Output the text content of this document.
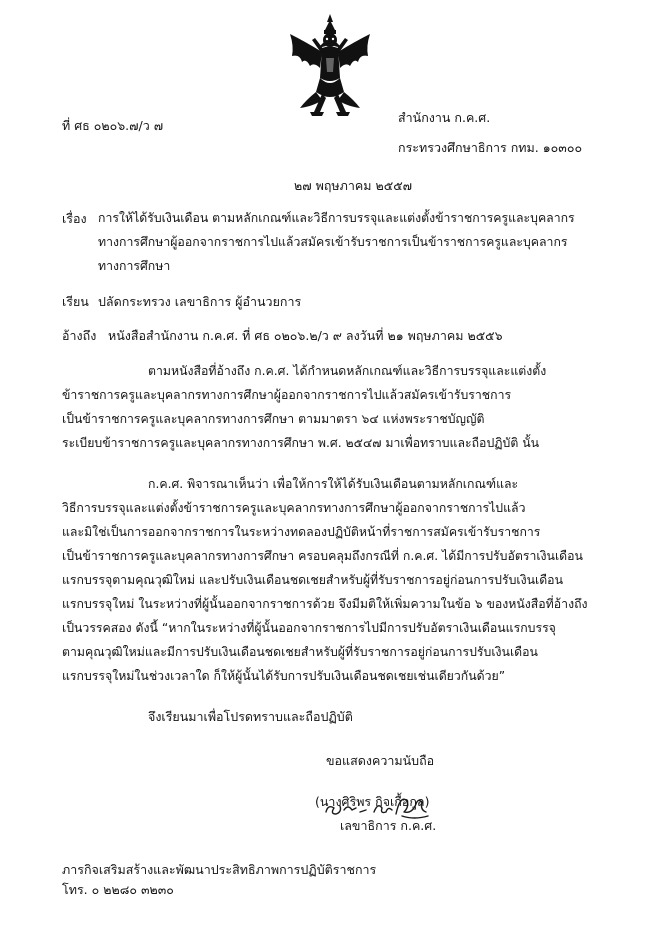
ที่ ศธ ๐๒๐๖.๗/ว ๗
สำนักงาน ก.ค.ศ.
กระทรวงศึกษาธิการ กทม. ๑๐๓๐๐
๒๗ พฤษภาคม ๒๕๕๗
เรื่อง การให้ได้รับเงินเดือน ตามหลักเกณฑ์และวิธีการบรรจุและแต่งตั้งข้าราชการครูและบุคลากร
ทางการศึกษาผู้ออกจากราชการไปแล้วสมัครเข้ารับราชการเป็นข้าราชการครูและบุคลากร
ทางการศึกษา
เรียน ปลัดกระทรวง เลขาธิการ ผู้อำนวยการ
อ้างถึง หนังสือสำนักงาน ก.ค.ศ. ที่ ศธ ๐๒๐๖.๒/ว ๙ ลงวันที่ ๒๑ พฤษภาคม ๒๕๕๖
ตามหนังสือที่อ้างถึง ก.ค.ศ. ได้กำหนดหลักเกณฑ์และวิธีการบรรจุและแต่งตั้ง
ข้าราชการครูและบุคลากรทางการศึกษาผู้ออกจากราชการไปแล้วสมัครเข้ารับราชการ
เป็นข้าราชการครูและบุคลากรทางการศึกษา ตามมาตรา ๖๔ แห่งพระราชบัญญัติ
ระเบียบข้าราชการครูและบุคลากรทางการศึกษา พ.ศ. ๒๕๔๗ มาเพื่อทราบและถือปฏิบัติ นั้น
ก.ค.ศ. พิจารณาเห็นว่า เพื่อให้การให้ได้รับเงินเดือนตามหลักเกณฑ์และ
วิธีการบรรจุและแต่งตั้งข้าราชการครูและบุคลากรทางการศึกษาผู้ออกจากราชการไปแล้ว
และมิใช่เป็นการออกจากราชการในระหว่างทดลองปฏิบัติหน้าที่ราชการสมัครเข้ารับราชการ
เป็นข้าราชการครูและบุคลากรทางการศึกษา ครอบคลุมถึงกรณีที่ ก.ค.ศ. ได้มีการปรับอัตราเงินเดือน
แรกบรรจุตามคุณวุฒิใหม่ และปรับเงินเดือนชดเชยสำหรับผู้ที่รับราชการอยู่ก่อนการปรับเงินเดือน
แรกบรรจุใหม่ ในระหว่างที่ผู้นั้นออกจากราชการด้วย จึงมีมติให้เพิ่มความในข้อ ๖ ของหนังสือที่อ้างถึง
เป็นวรรคสอง ดังนี้ “หากในระหว่างที่ผู้นั้นออกจากราชการไปมีการปรับอัตราเงินเดือนแรกบรรจุ
ตามคุณวุฒิใหม่และมีการปรับเงินเดือนชดเชยสำหรับผู้ที่รับราชการอยู่ก่อนการปรับเงินเดือน
แรกบรรจุใหม่ในช่วงเวลาใด ก็ให้ผู้นั้นได้รับการปรับเงินเดือนชดเชยเช่นเดียวกันด้วย”
จึงเรียนมาเพื่อโปรดทราบและถือปฏิบัติ
ขอแสดงความนับถือ
(นางศิริพร กิจเกื้อกูล)
เลขาธิการ ก.ค.ศ.
ภารกิจเสริมสร้างและพัฒนาประสิทธิภาพการปฏิบัติราชการ
โทร. ๐ ๒๒๘๐ ๓๒๓๐
